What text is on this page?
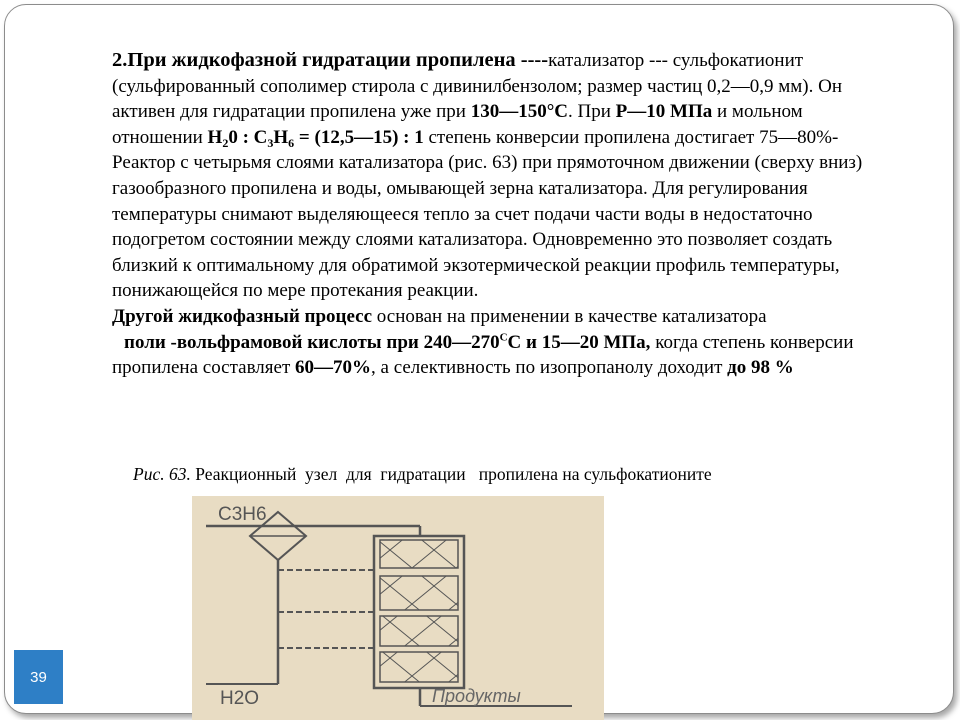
2.При жидкофазной гидратации пропилена ----катализатор --- сульфокатионит (сульфированный сополимер стирола с дивинилбензолом; размер частиц 0,2—0,9 мм). Он активен для гидратации пропилена уже при 130—150°С. При Р—10 МПа и мольном отношении $Н_20$ : $С_3Н_6$ = (12,5—15) : 1 степень конверсии пропилена достигает 75—80%-

Реактор с четырьмя слоями катализатора (рис. 63) при прямоточном движении (сверху вниз) газообразного пропилена и воды, омывающей зерна катализатора. Для регулирования температуры снимают выделяющееся тепло за счет подачи части воды в недостаточно подогретом состоянии между слоями катализатора. Одновременно это позволяет создать близкий к оптимальному для обратимой экзотермической реакции профиль температуры, понижающейся по мере протекания реакции.

Другой жидкофазный процесс основан на применении в качестве катализатора
поли -вольфрамовой кислоты при $240—270^СС$ и 15—20 МПа, когда степень конверсии пропилена составляет 60—70%, а селективность по изопропанолу доходит до 98 %

Рис. 63. Реакционный  узел  для  гидратации   пропилена на сульфокатионите
С3Н6
Н2О	Продукты
39
